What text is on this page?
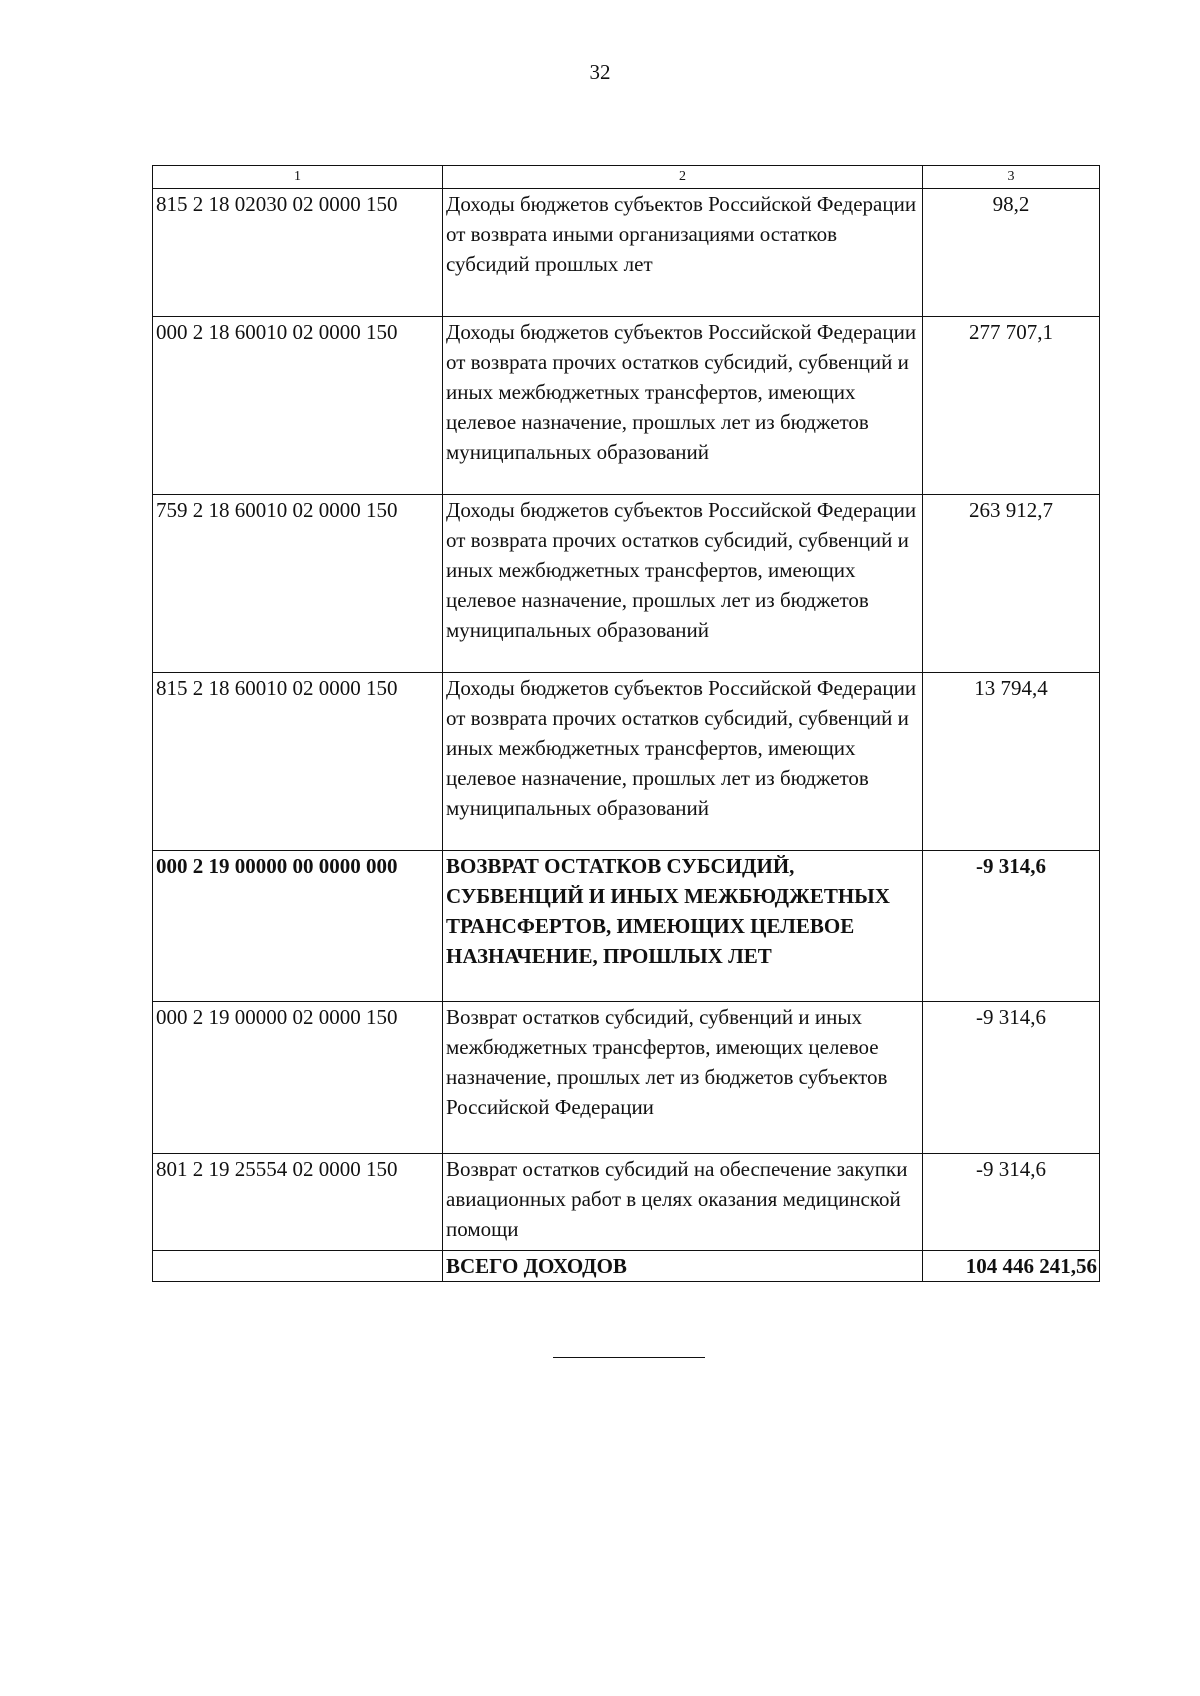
32
1	2	3
815 2 18 02030 02 0000 150	Доходы бюджетов субъектов Российской Федерации от возврата иными организациями остатков субсидий прошлых лет	98,2
000 2 18 60010 02 0000 150	Доходы бюджетов субъектов Российской Федерации от возврата прочих остатков субсидий, субвенций и иных межбюджетных трансфертов, имеющих целевое назначение, прошлых лет из бюджетов муниципальных образований	277 707,1
759 2 18 60010 02 0000 150	Доходы бюджетов субъектов Российской Федерации от возврата прочих остатков субсидий, субвенций и иных межбюджетных трансфертов, имеющих целевое назначение, прошлых лет из бюджетов муниципальных образований	263 912,7
815 2 18 60010 02 0000 150	Доходы бюджетов субъектов Российской Федерации от возврата прочих остатков субсидий, субвенций и иных межбюджетных трансфертов, имеющих целевое назначение, прошлых лет из бюджетов муниципальных образований	13 794,4
000 2 19 00000 00 0000 000	ВОЗВРАТ ОСТАТКОВ СУБСИДИЙ, СУБВЕНЦИЙ И ИНЫХ МЕЖБЮДЖЕТНЫХ ТРАНСФЕРТОВ, ИМЕЮЩИХ ЦЕЛЕВОЕ НАЗНАЧЕНИЕ, ПРОШЛЫХ ЛЕТ	-9 314,6
000 2 19 00000 02 0000 150	Возврат остатков субсидий, субвенций и иных межбюджетных трансфертов, имеющих целевое назначение, прошлых лет из бюджетов субъектов Российской Федерации	-9 314,6
801 2 19 25554 02 0000 150	Возврат остатков субсидий на обеспечение закупки авиационных работ в целях оказания медицинской помощи	-9 314,6
	ВСЕГО ДОХОДОВ	104 446 241,56
